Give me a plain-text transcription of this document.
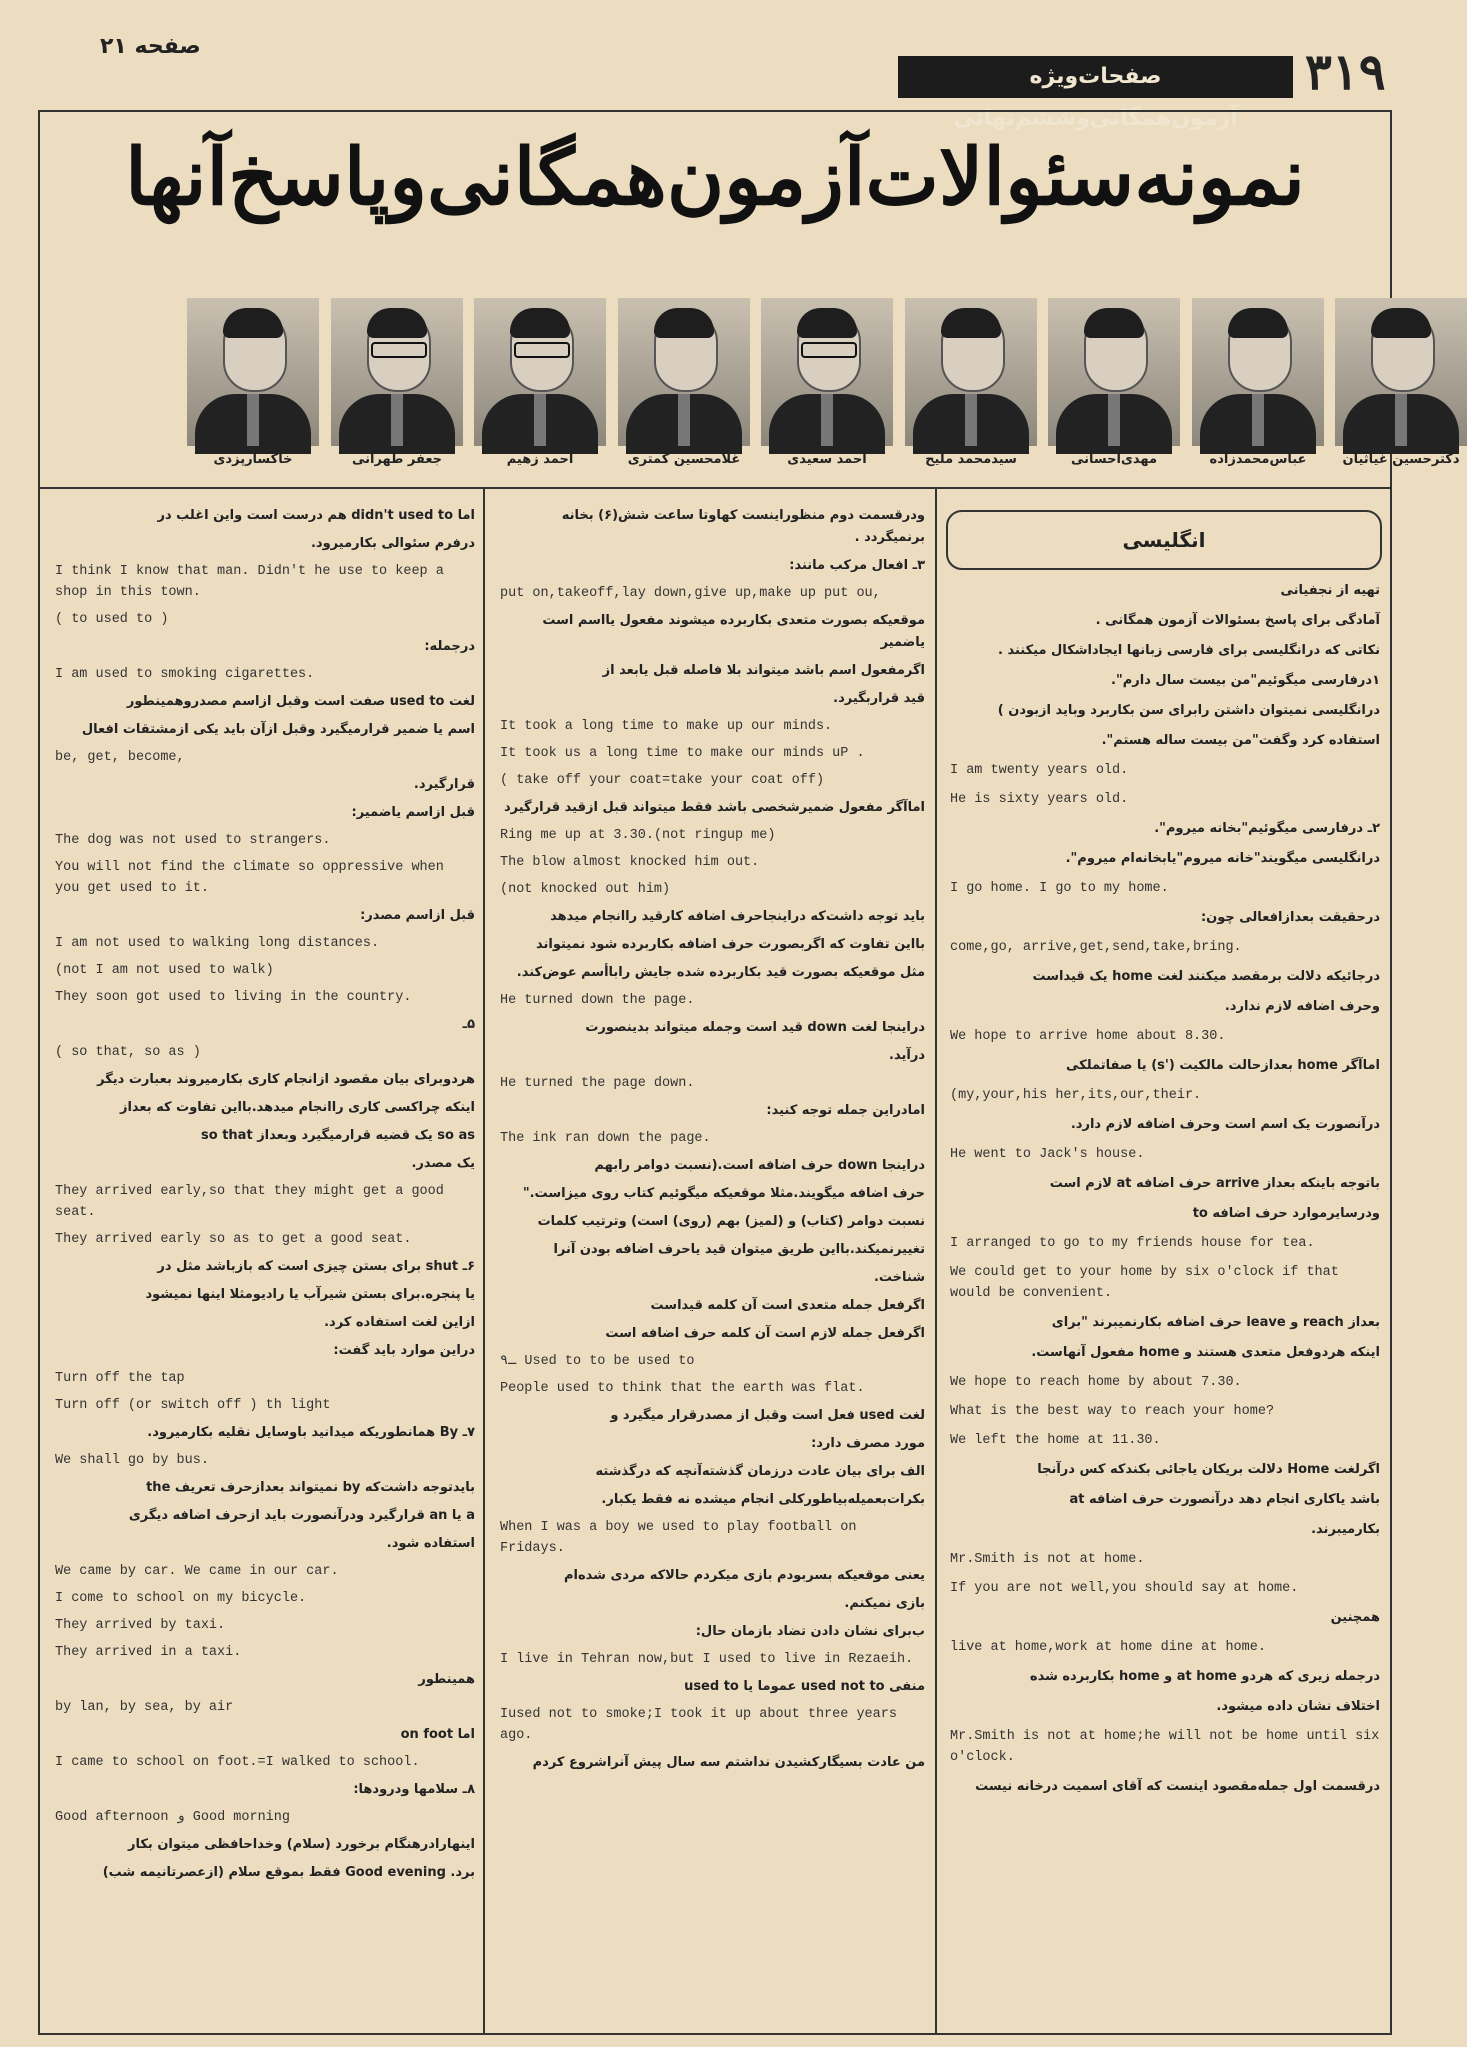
صفحه ۲۱
صفحات‌ویژه آزمون‌همگانی‌وششم‌نهائی
۳۱۹
نمونه‌سئوالات‌آزمون‌همگانی‌وپاسخ‌آنها
دکترحسین غیاثیان
عباس‌محمدزاده
مهدی‌احسانی
سیدمحمد ملیح
احمد سعیدی
غلامحسین کمتری
احمد زهیم
جعفر طهرانی
خاکسارپزدی
انگلیسی

تهیه از نجفیانی

آمادگی برای پاسخ بسئوالات آزمون همگانی .

نکاتی که درانگلیسی برای فارسی زبانها ایجاداشکال میکنند .

۱درفارسی میگوئیم"من بیست سال دارم".

درانگلیسی نمیتوان داشتن رابرای سن بکاربرد وباید ازبودن )

استفاده کرد وگفت"من بیست ساله هستم".

I am twenty years old.

He is sixty years old.

۲ـ درفارسی میگوئیم"بخانه میروم".

درانگلیسی میگویند"خانه میروم"یابخانه‌ام میروم".

I go home. I go to my home.

درحقیقت بعدازافعالی چون:

come,go, arrive,get,send,take,bring.

درجائیکه دلالت برمقصد میکنند لغت home یک قیداست

وحرف اضافه لازم ندارد.

We hope to arrive home about 8.30.

اماآگر home بعدازحالت مالکیت ('s) یا صفاتملکی

(my,your,his her,its,our,their.

درآنصورت یک اسم است وحرف اضافه لازم دارد.

He went to Jack's house.

باتوجه باینکه بعداز arrive حرف اضافه at لازم است

ودرسایرموارد حرف اضافه to

I arranged to go to my friends house for tea.

We could get to your home by six o'clock if that would be convenient.

بعداز reach و leave حرف اضافه بکارنمیبرند "برای

اینکه هردوفعل متعدی هستند و home مفعول آنهاست.

We hope to reach home by about 7.30.

What is the best way to reach your home?

We left the home at 11.30.

اگرلغت Home دلالت بریکان یاجائی بکندکه کس درآنجا

باشد یاکاری انجام دهد درآنصورت حرف اضافه at

بکارمیبرند.

Mr.Smith is not at home.

If you are not well,you should say at home.

همچنین

live at home,work at home dine at home.

درجمله زیری که هردو at home و home بکاربرده شده

اختلاف نشان داده میشود.

Mr.Smith is not at home;he will not be home until six o'clock.

درقسمت اول جمله‌مقصود اینست که آقای اسمیت درخانه نیست

ودرقسمت دوم منظوراینست کهاوتا ساعت شش(۶) بخانه برنمیگردد .

۳ـ افعال مرکب مانند:

put on,takeoff,lay down,give up,make up put ou,

موقعیکه بصورت متعدی بکاربرده میشوند مفعول یااسم است یاضمیر

اگرمفعول اسم باشد میتواند بلا فاصله قبل یابعد از

قید قراربگیرد.

It took a long time to make up our minds.

It took us a long time to make our minds uP .

( take off your coat=take your coat off)

اماآگر مفعول ضمیرشخصی باشد فقط میتواند قبل ازقید قرارگیرد

Ring me up at 3.30.(not ringup me)

The blow almost knocked him out.

(not knocked out him)

باید توجه داشت‌که دراینجاحرف اضافه کارقید راانجام میدهد

بااین تفاوت که اگربصورت حرف اضافه بکاربرده شود نمیتواند

مثل موقعیکه بصورت قید بکاربرده شده جایش راباأسم عوض‌کند.

He turned down the page.

دراینجا لغت down قید است وجمله میتواند بدینصورت

درآید.

He turned the page down.

امادراین جمله توجه کنید:

The ink ran down the page.

دراینجا down حرف اضافه است.(نسبت دوامر رابهم

حرف اضافه میگویند.مثلا موقعیکه میگوئیم کتاب روی میزاست."

نسبت دوامر (کتاب) و (لمیز) بهم (روی) است) وترتیب کلمات

تغییرنمیکند.بااین طریق میتوان قید یاحرف اضافه بودن آنرا

شناخت.

اگرفعل جمله متعدی است آن کلمه قیداست

اگرفعل جمله لازم است آن کلمه حرف اضافه است

۹ـ Used to to be used to

People used to think that the earth was flat.

لغت used فعل است وقبل از مصدرقرار میگیرد و

مورد مصرف دارد:

الف برای بیان عادت درزمان گذشته‌آنچه که درگذشته

بکرات‌بعمیله‌بیاطورکلی انجام میشده نه فقط یکبار.

When I was a boy we used to play football on Fridays.

یعنی موقعیکه بسربودم بازی میکردم حالاکه مردی شده‌ام

بازی نمیکنم.

ب‌برای نشان دادن تضاد بازمان حال:

I live in Tehran now,but I used to live in Rezaeih.

منفی used not to عموما یا used to

Iused not to smoke;I took it up about three years ago.

من عادت بسیگارکشیدن نداشتم سه سال پیش آنراشروع کردم

اما didn't used to هم درست است واین اغلب در

درفرم سئوالی بکارمیرود.

I think I know that man. Didn't he use to keep a shop in this town.

( to used to )

درجمله:

I am used to smoking cigarettes.

لغت used to صفت است وقبل ازاسم مصدروهمینطور

اسم یا ضمیر قرارمیگیرد وقبل ازآن باید یکی ازمشتقات افعال

be, get, become,

قرارگیرد.

قبل ازاسم یاضمیر:

The dog was not used to strangers.

You will not find the climate so oppressive when you get used to it.

قبل ازاسم مصدر:

I am not used to walking long distances.

(not I am not used to walk)

They soon got used to living in the country.

۵ـ

( so that, so as )

هردوبرای بیان مقصود ازانجام کاری بکارمیروند بعبارت دیگر

اینکه چراکسی کاری راانجام میدهد.بااین تفاوت که بعداز

so as یک قضیه قرارمیگیرد وبعداز so that

یک مصدر.

They arrived early,so that they might get a good seat.

They arrived early so as to get a good seat.

۶ـ shut برای بستن چیزی است که بازباشد مثل در

یا پنجره.برای بستن شیرآب یا رادیومثلا اینها نمیشود

ازاین لغت استفاده کرد.

دراین موارد باید گفت:

Turn off the tap

Turn off (or switch off ) th light

۷ـ By همانطوریکه میدانید باوسایل نقلیه بکارمیرود.

We shall go by bus.

بایدتوجه داشت‌که by نمیتواند بعدازحرف تعریف the

a یا an قرارگیرد ودرآنصورت باید ازحرف اضافه دیگری

استفاده شود.

We came by car. We came in our car.

I come to school on my bicycle.

They arrived by taxi.

They arrived in a taxi.

همینطور

by lan, by sea, by air

اما on foot

I came to school on foot.=I walked to school.

۸ـ سلامها ودرودها:

Good afternoon و Good morning

اینهارادرهنگام برخورد (سلام) وخداحافظی میتوان بکار

برد. Good evening فقط بموقع سلام (ازعصرتانیمه شب)
